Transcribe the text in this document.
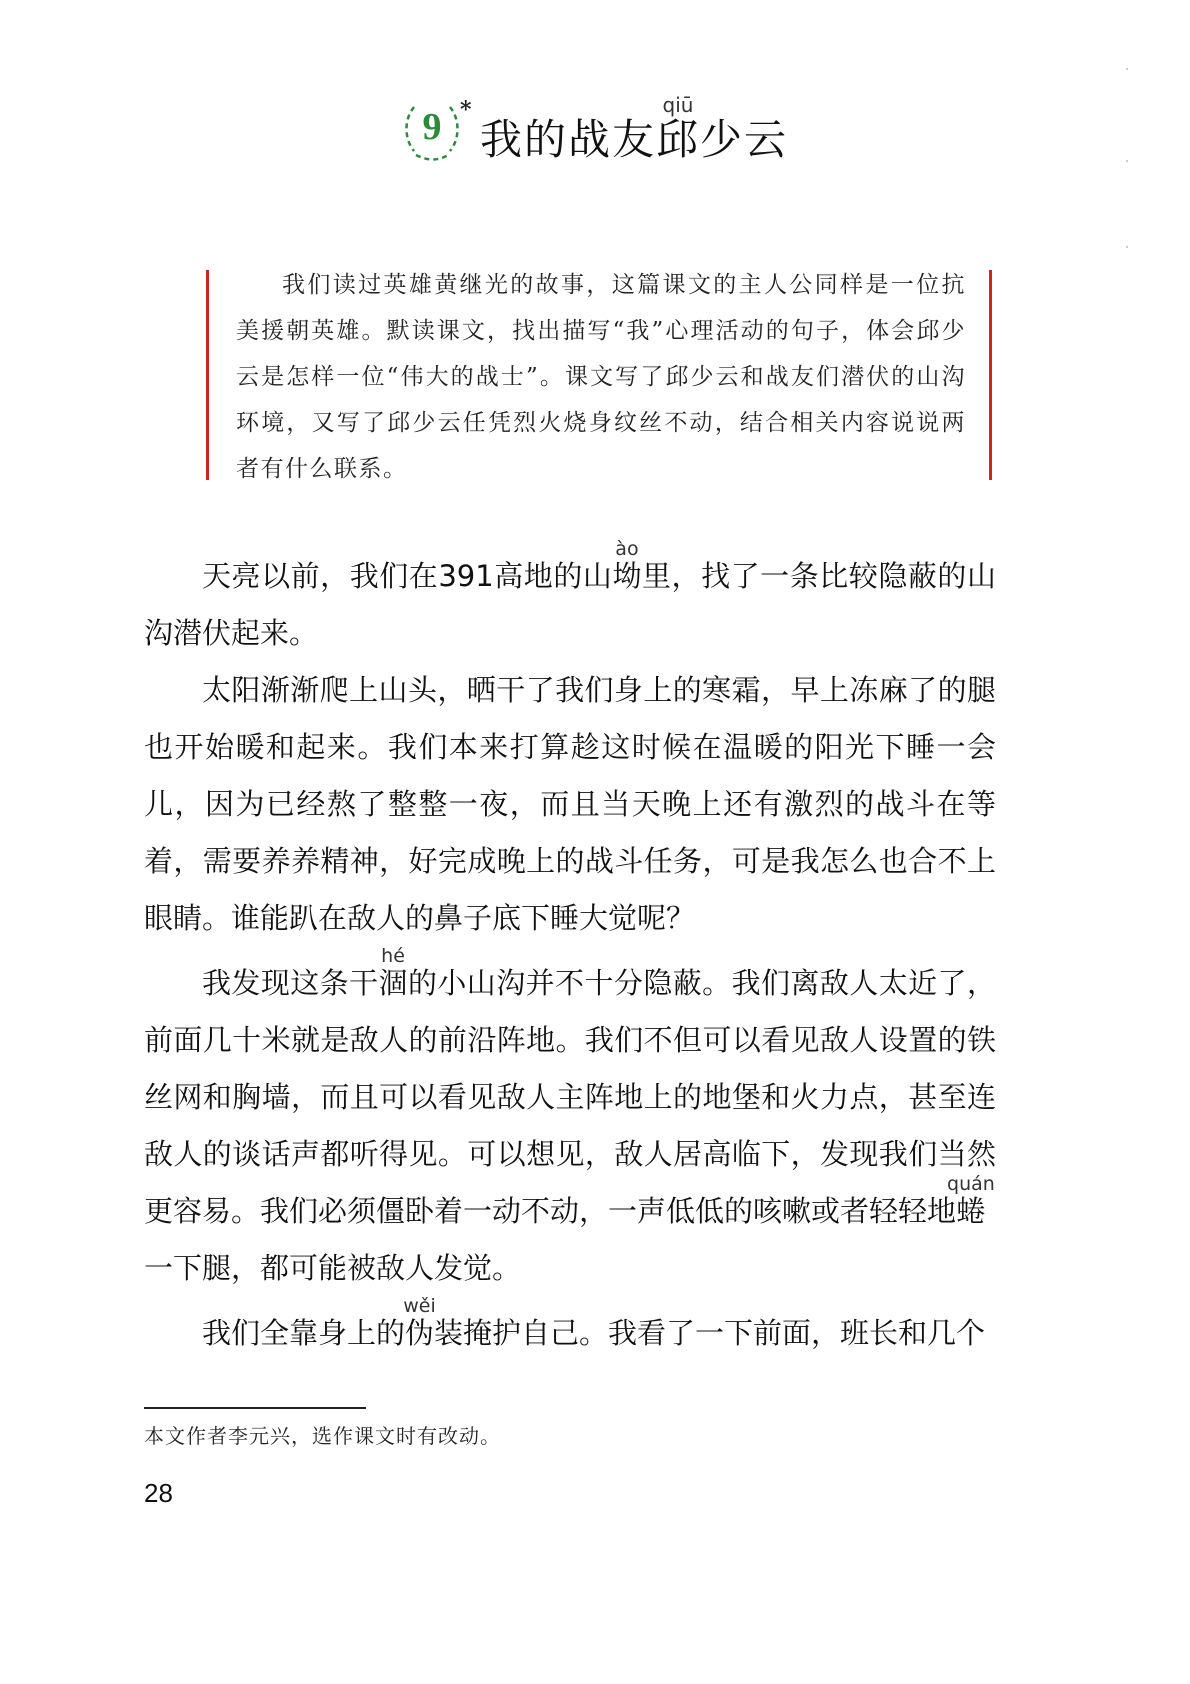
9 *
我的战友邱qiū少云
我们读过英雄黄继光的故事，这篇课文的主人公同样是一位抗美援朝英雄。默读课文，找出描写“我”心理活动的句子，体会邱少云是怎样一位“伟大的战士”。课文写了邱少云和战友们潜伏的山沟环境，又写了邱少云任凭烈火烧身纹丝不动，结合相关内容说说两者有什么联系。

天亮以前，我们在391高地的山坳ào里，找了一条比较隐蔽的山沟潜伏起来。

太阳渐渐爬上山头，晒干了我们身上的寒霜，早上冻麻了的腿也开始暖和起来。我们本来打算趁这时候在温暖的阳光下睡一会儿，因为已经熬了整整一夜，而且当天晚上还有激烈的战斗在等着，需要养养精神，好完成晚上的战斗任务，可是我怎么也合不上眼睛。谁能趴在敌人的鼻子底下睡大觉呢？

我发现这条干涸hé的小山沟并不十分隐蔽。我们离敌人太近了，前面几十米就是敌人的前沿阵地。我们不但可以看见敌人设置的铁丝网和胸墙，而且可以看见敌人主阵地上的地堡和火力点，甚至连敌人的谈话声都听得见。可以想见，敌人居高临下，发现我们当然更容易。我们必须僵卧着一动不动，一声低低的咳嗽或者轻轻地蜷quán一下腿，都可能被敌人发觉。

我们全靠身上的伪wěi装掩护自己。我看了一下前面，班长和几个

本文作者李元兴，选作课文时有改动。
28
